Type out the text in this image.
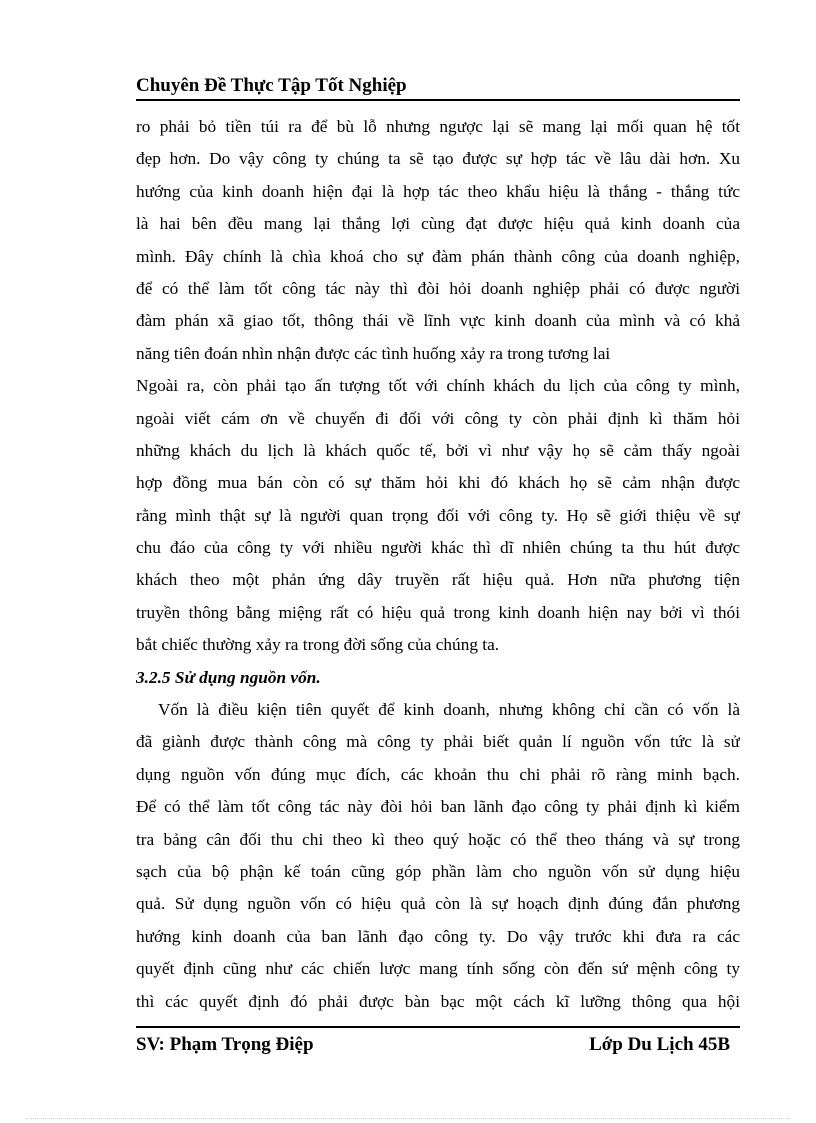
Chuyên Đề Thực Tập Tốt Nghiệp
ro phải bỏ tiền túi ra để bù lỗ nhưng ngược lại sẽ mang lại mối quan hệ tốt
đẹp hơn. Do vậy công ty chúng ta sẽ tạo được sự hợp tác về lâu dài hơn. Xu
hướng của kinh doanh hiện đại là hợp tác theo khẩu hiệu là thắng - thắng tức
là hai bên đều mang lại thắng lợi cùng đạt được hiệu quả kinh doanh của
mình. Đây chính là chìa khoá cho sự đàm phán thành công của doanh nghiệp,
để có thể làm tốt công tác này thì đòi hỏi doanh nghiệp phải có được người
đàm phán xã giao tốt, thông thái về lĩnh vực kinh doanh của mình và có khả
năng tiên đoán nhìn nhận được các tình huống xảy ra trong tương lai
Ngoài ra, còn phải tạo ấn tượng tốt với chính khách du lịch của công ty mình,
ngoài viết cám ơn về chuyến đi đối với công ty còn phải định kì thăm hỏi
những khách du lịch là khách quốc tế, bởi vì như vậy họ sẽ cảm thấy ngoài
hợp đồng mua bán còn có sự thăm hỏi khi đó khách họ sẽ cảm nhận được
rằng mình thật sự là người quan trọng đối với công ty. Họ sẽ giới thiệu về sự
chu đáo của công ty với nhiều người khác thì dĩ nhiên chúng ta thu hút được
khách theo một phản ứng dây truyền rất hiệu quả. Hơn nữa phương tiện
truyền thông bằng miệng rất có hiệu quả trong kinh doanh hiện nay bởi vì thói
bắt chiếc thường xảy ra trong đời sống của chúng ta.
3.2.5 Sử dụng nguồn vốn.
Vốn là điều kiện tiên quyết để kinh doanh, nhưng không chỉ cần có vốn là
đã giành được thành công mà công ty phải biết quản lí nguồn vốn tức là sử
dụng nguồn vốn đúng mục đích, các khoản thu chi phải rõ ràng minh bạch.
Để có thể làm tốt công tác này đòi hỏi ban lãnh đạo công ty phải định kì kiểm
tra bảng cân đối thu chi theo kì theo quý hoặc có thể theo tháng và sự trong
sạch của bộ phận kế toán cũng góp phần làm cho nguồn vốn sử dụng hiệu
quả. Sử dụng nguồn vốn có hiệu quả còn là sự hoạch định đúng đắn phương
hướng kinh doanh của ban lãnh đạo công ty. Do vậy trước khi đưa ra các
quyết định cũng như các chiến lược mang tính sống còn đến sứ mệnh công ty
thì các quyết định đó phải được bàn bạc một cách kĩ lưỡng thông qua hội
SV: Phạm Trọng Điệp	Lớp Du Lịch 45B
